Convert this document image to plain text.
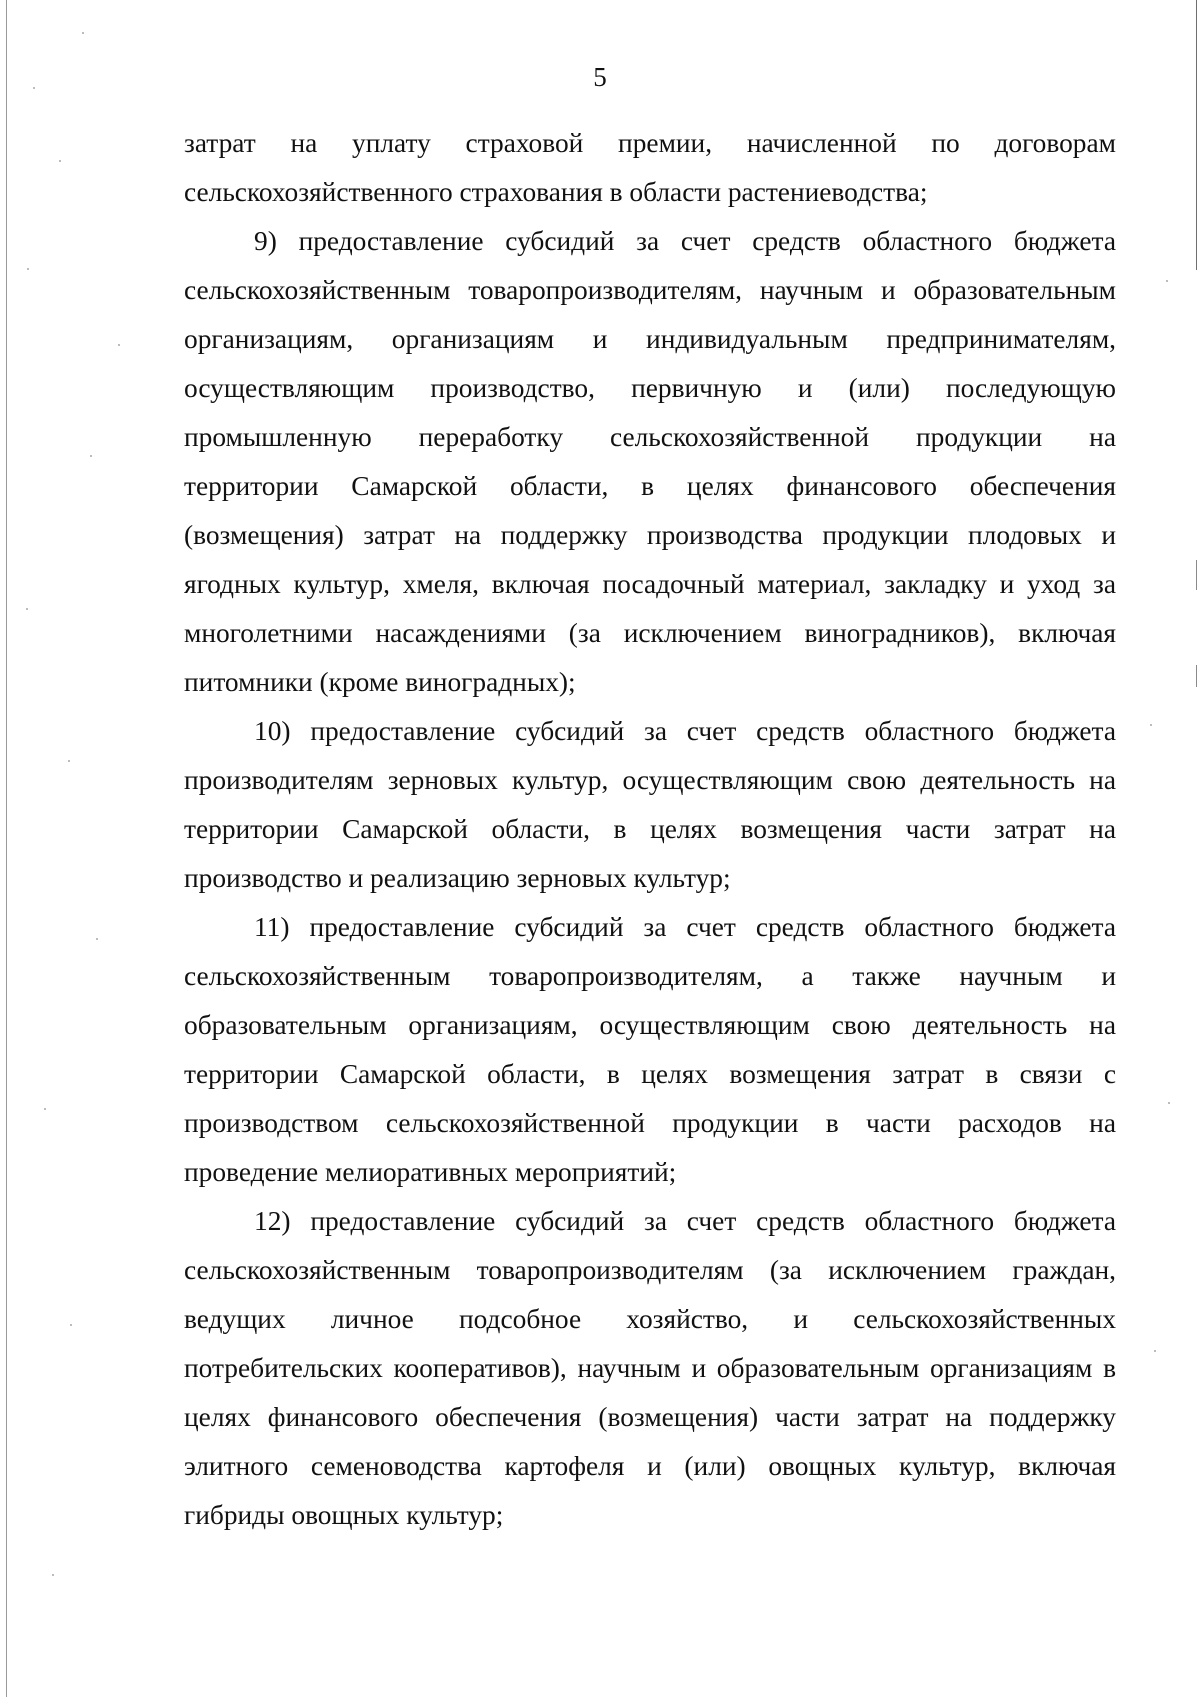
5
затрат на уплату страховой премии, начисленной по договорам
сельскохозяйственного страхования в области растениеводства;
9) предоставление субсидий за счет средств областного бюджета
сельскохозяйственным товаропроизводителям, научным и образовательным
организациям, организациям и индивидуальным предпринимателям,
осуществляющим производство, первичную и (или) последующую
промышленную переработку сельскохозяйственной продукции на
территории Самарской области, в целях финансового обеспечения
(возмещения) затрат на поддержку производства продукции плодовых и
ягодных культур, хмеля, включая посадочный материал, закладку и уход за
многолетними насаждениями (за исключением виноградников), включая
питомники (кроме виноградных);
10) предоставление субсидий за счет средств областного бюджета
производителям зерновых культур, осуществляющим свою деятельность на
территории Самарской области, в целях возмещения части затрат на
производство и реализацию зерновых культур;
11) предоставление субсидий за счет средств областного бюджета
сельскохозяйственным товаропроизводителям, а также научным и
образовательным организациям, осуществляющим свою деятельность на
территории Самарской области, в целях возмещения затрат в связи с
производством сельскохозяйственной продукции в части расходов на
проведение мелиоративных мероприятий;
12) предоставление субсидий за счет средств областного бюджета
сельскохозяйственным товаропроизводителям (за исключением граждан,
ведущих личное подсобное хозяйство, и сельскохозяйственных
потребительских кооперативов), научным и образовательным организациям в
целях финансового обеспечения (возмещения) части затрат на поддержку
элитного семеноводства картофеля и (или) овощных культур, включая
гибриды овощных культур;
